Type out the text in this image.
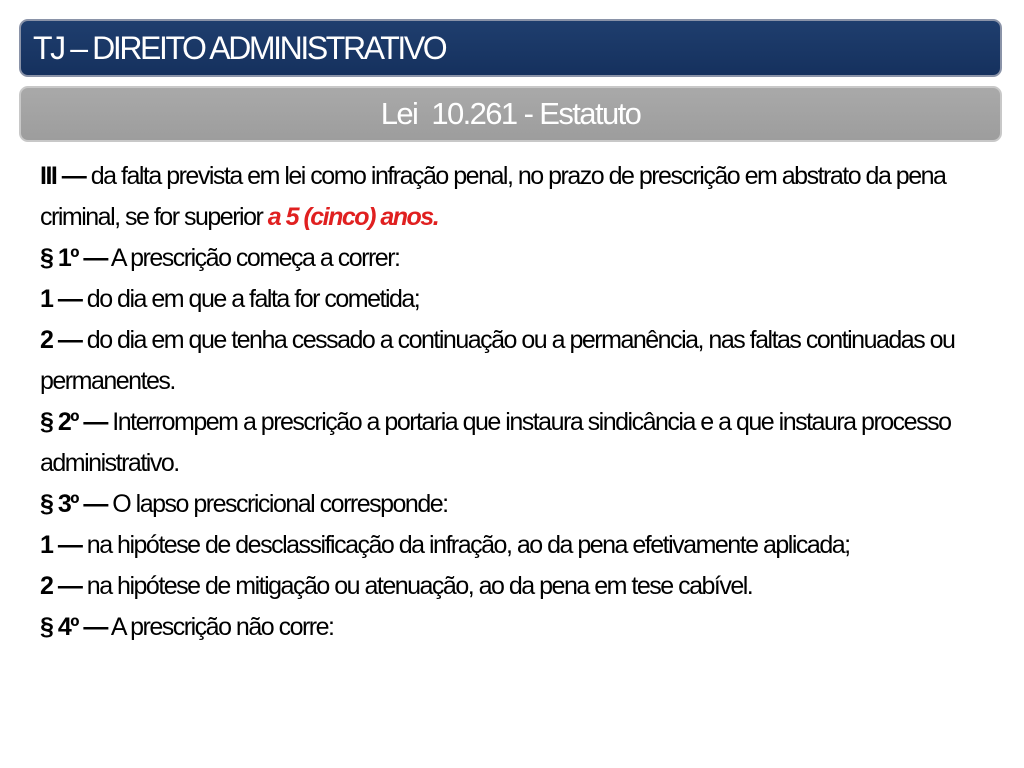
TJ – DIREITO ADMINISTRATIVO
Lei  10.261 - Estatuto

III — da falta prevista em lei como infração penal, no prazo de prescrição em abstrato da pena criminal, se for superior a 5 (cinco) anos.

§ 1º — A prescrição começa a correr:

1 — do dia em que a falta for cometida;

2 — do dia em que tenha cessado a continuação ou a permanência, nas faltas continuadas ou permanentes.

§ 2º — Interrompem a prescrição a portaria que instaura sindicância e a que instaura processo administrativo.

§ 3º — O lapso prescricional corresponde:

1 — na hipótese de desclassificação da infração, ao da pena efetivamente aplicada;

2 — na hipótese de mitigação ou atenuação, ao da pena em tese cabível.

§ 4º — A prescrição não corre:
